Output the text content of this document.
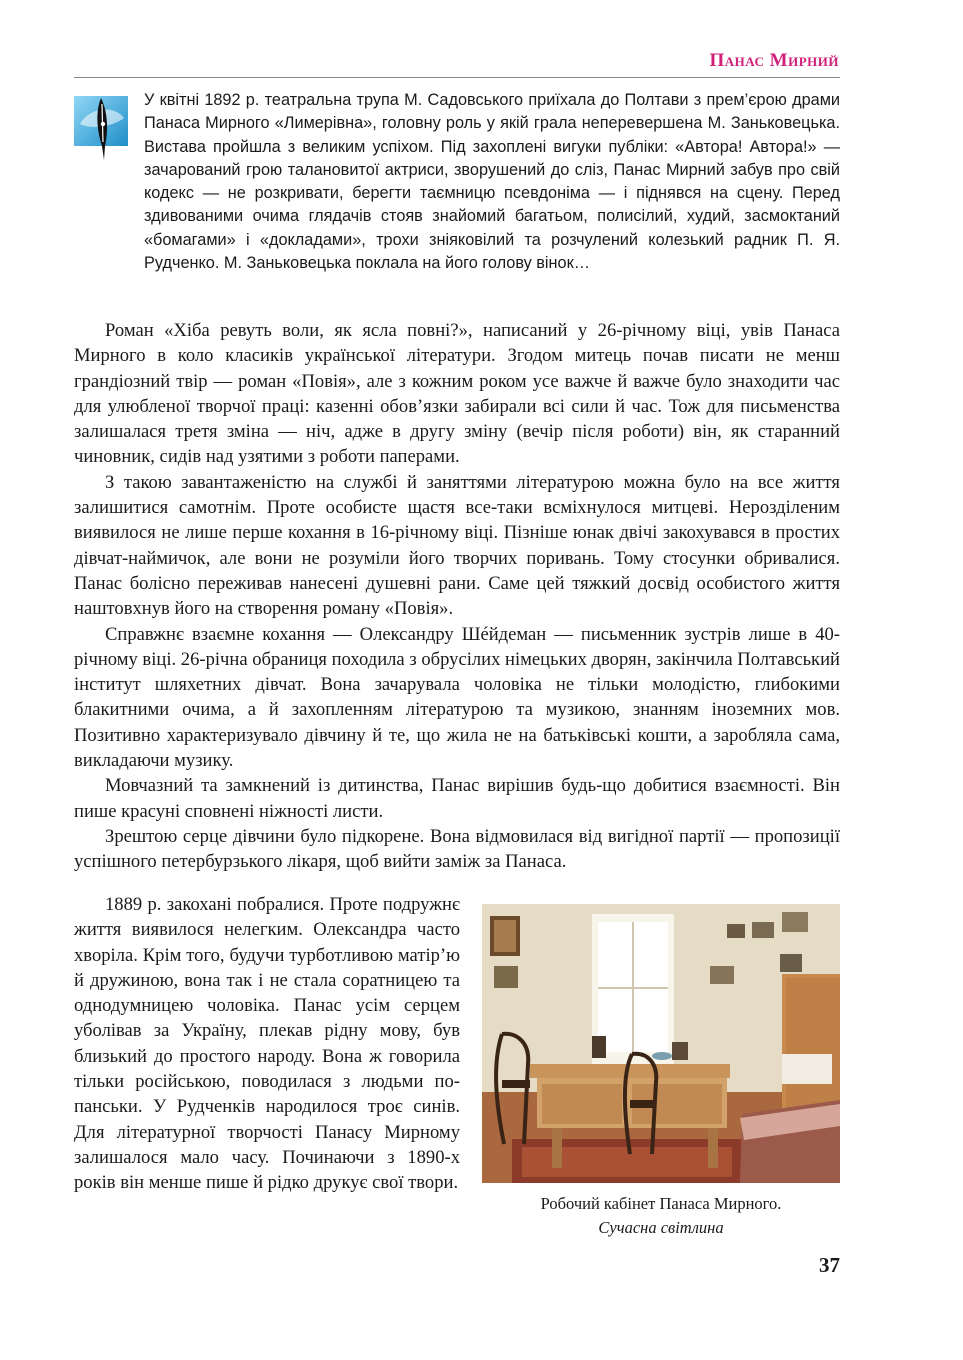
Панас Мирний

У квітні 1892 р. театральна трупа М. Садовського приїхала до Полтави з прем’єрою драми Панаса Мирного «Лимерівна», головну роль у якій грала неперевершена М. Заньковецька. Вистава пройшла з великим успіхом. Під захоплені вигуки публіки: «Автора! Автора!» — зачарований грою талановитої актриси, зворушений до сліз, Панас Мирний забув про свій кодекс — не розкривати, берегти таємницю псевдоніма — і піднявся на сцену. Перед здивованими очима глядачів стояв знайомий багатьом, полисілий, худий, засмоктаний «бомагами» і «докладами», трохи зніяковілий та розчулений колезький радник П. Я. Рудченко. М. Заньковецька поклала на його голову вінок…

Роман «Хіба ревуть воли, як ясла повні?», написаний у 26-річному віці, увів Панаса Мирного в коло класиків української літератури. Згодом митець почав писати не менш грандіозний твір — роман «Повія», але з кожним роком усе важче й важче було знаходити час для улюбленої творчої праці: казенні обов’язки забирали всі сили й час. Тож для письменства залишалася третя зміна — ніч, адже в другу зміну (вечір після роботи) він, як старанний чиновник, сидів над узятими з роботи паперами.

З такою завантаженістю на службі й заняттями літературою можна було на все життя залишитися самотнім. Проте особисте щастя все-таки всміхнулося митцеві. Нерозділеним виявилося не лише перше кохання в 16-річному віці. Пізніше юнак двічі закохувався в простих дівчат-наймичок, але вони не розуміли його творчих поривань. Тому стосунки обривалися. Панас болісно переживав нанесені душевні рани. Саме цей тяжкий досвід особистого життя наштовхнув його на створення роману «Повія».

Справжнє взаємне кохання — Олександру Шéйдеман — письменник зустрів лише в 40-річному віці. 26-річна обраниця походила з обрусілих німецьких дворян, закінчила Полтавський інститут шляхетних дівчат. Вона зачарувала чоловіка не тільки молодістю, глибокими блакитними очима, а й захопленням літературою та музикою, знанням іноземних мов. Позитивно характеризувало дівчину й те, що жила не на батьківські кошти, а заробляла сама, викладаючи музику.

Мовчазний та замкнений із дитинства, Панас вирішив будь-що добитися взаємності. Він пише красуні сповнені ніжності листи.

Зрештою серце дівчини було підкорене. Вона відмовилася від вигідної партії — пропозиції успішного петербурзького лікаря, щоб вийти заміж за Панаса.

1889 р. закохані побралися. Проте подружнє життя виявилося нелегким. Олександра часто хворіла. Крім того, будучи турботливою матір’ю й дружиною, вона так і не стала соратницею та однодумницею чоловіка. Панас усім серцем уболівав за Україну, плекав рідну мову, був близький до простого народу. Вона ж говорила тільки російською, поводилася з людьми по-панськи. У Рудченків народилося троє синів. Для літературної творчості Панасу Мирному залишалося мало часу. Починаючи з 1890-х років він менше пише й рідко друкує свої твори.

Робочий кабінет Панаса Мирного.
Сучасна світлина
37
